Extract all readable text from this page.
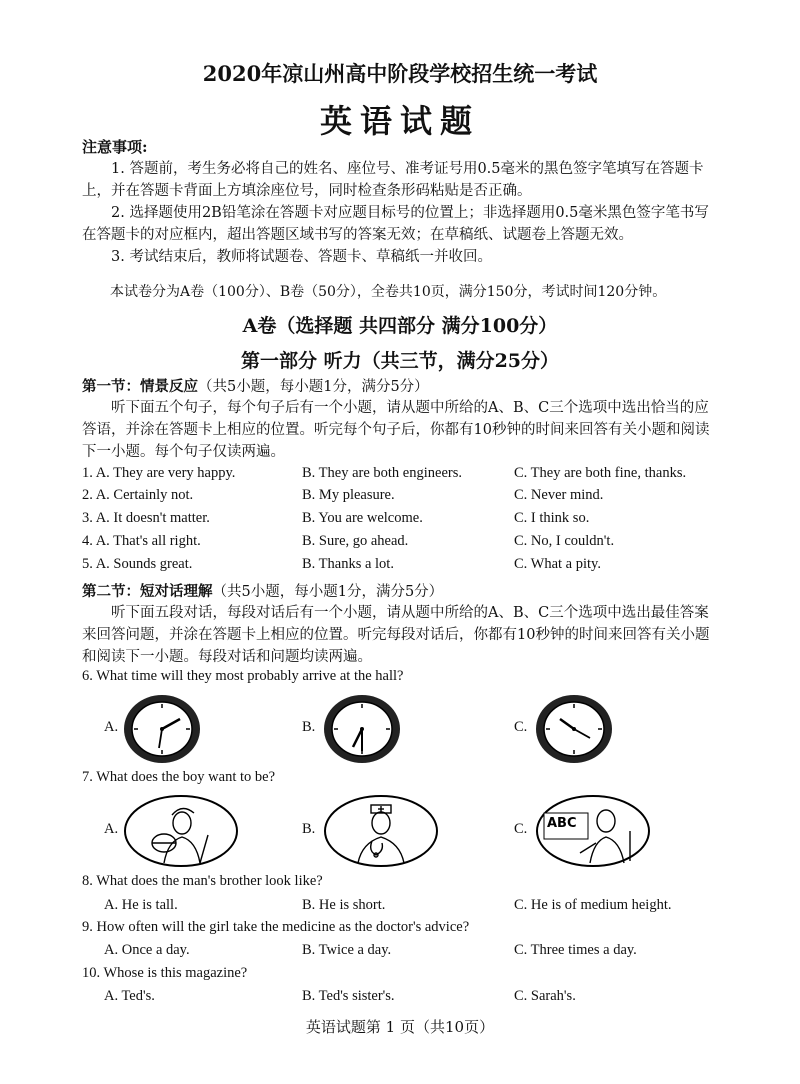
2020年凉山州高中阶段学校招生统一考试
英语试题
注意事项:
1. 答题前，考生务必将自己的姓名、座位号、准考证号用0.5毫米的黑色签字笔填写在答题卡上，并在答题卡背面上方填涂座位号，同时检查条形码粘贴是否正确。
2. 选择题使用2B铅笔涂在答题卡对应题目标号的位置上；非选择题用0.5毫米黑色签字笔书写在答题卡的对应框内，超出答题区域书写的答案无效；在草稿纸、试题卷上答题无效。
3. 考试结束后，教师将试题卷、答题卡、草稿纸一并收回。
本试卷分为A卷（100分）、B卷（50分），全卷共10页，满分150分，考试时间120分钟。
A卷（选择题 共四部分 满分100分）
第一部分 听力（共三节，满分25分）
第一节：情景反应（共5小题，每小题1分，满分5分）
听下面五个句子，每个句子后有一个小题，请从题中所给的A、B、C三个选项中选出恰当的应答语，并涂在答题卡上相应的位置。听完每个句子后，你都有10秒钟的时间来回答有关小题和阅读下一小题。每个句子仅读两遍。
1. A. They are very happy.	B. They are both engineers.	C. They are both fine, thanks.
2. A. Certainly not.	B. My pleasure.	C. Never mind.
3. A. It doesn't matter.	B. You are welcome.	C. I think so.
4. A. That's all right.	B. Sure, go ahead.	C. No, I couldn't.
5. A. Sounds great.	B. Thanks a lot.	C. What a pity.
第二节：短对话理解（共5小题，每小题1分，满分5分）
听下面五段对话，每段对话后有一个小题，请从题中所给的A、B、C三个选项中选出最佳答案来回答问题，并涂在答题卡上相应的位置。听完每段对话后，你都有10秒钟的时间来回答有关小题和阅读下一小题。每段对话和问题均读两遍。
6. What time will they most probably arrive at the hall?
A.	B.	C.
7. What does the boy want to be?
A.	B.	C. ABC
8. What does the man's brother look like?
A. He is tall.	B. He is short.	C. He is of medium height.
9. How often will the girl take the medicine as the doctor's advice?
A. Once a day.	B. Twice a day.	C. Three times a day.
10. Whose is this magazine?
A. Ted's.	B. Ted's sister's.	C. Sarah's.
英语试题第 1 页（共10页）
